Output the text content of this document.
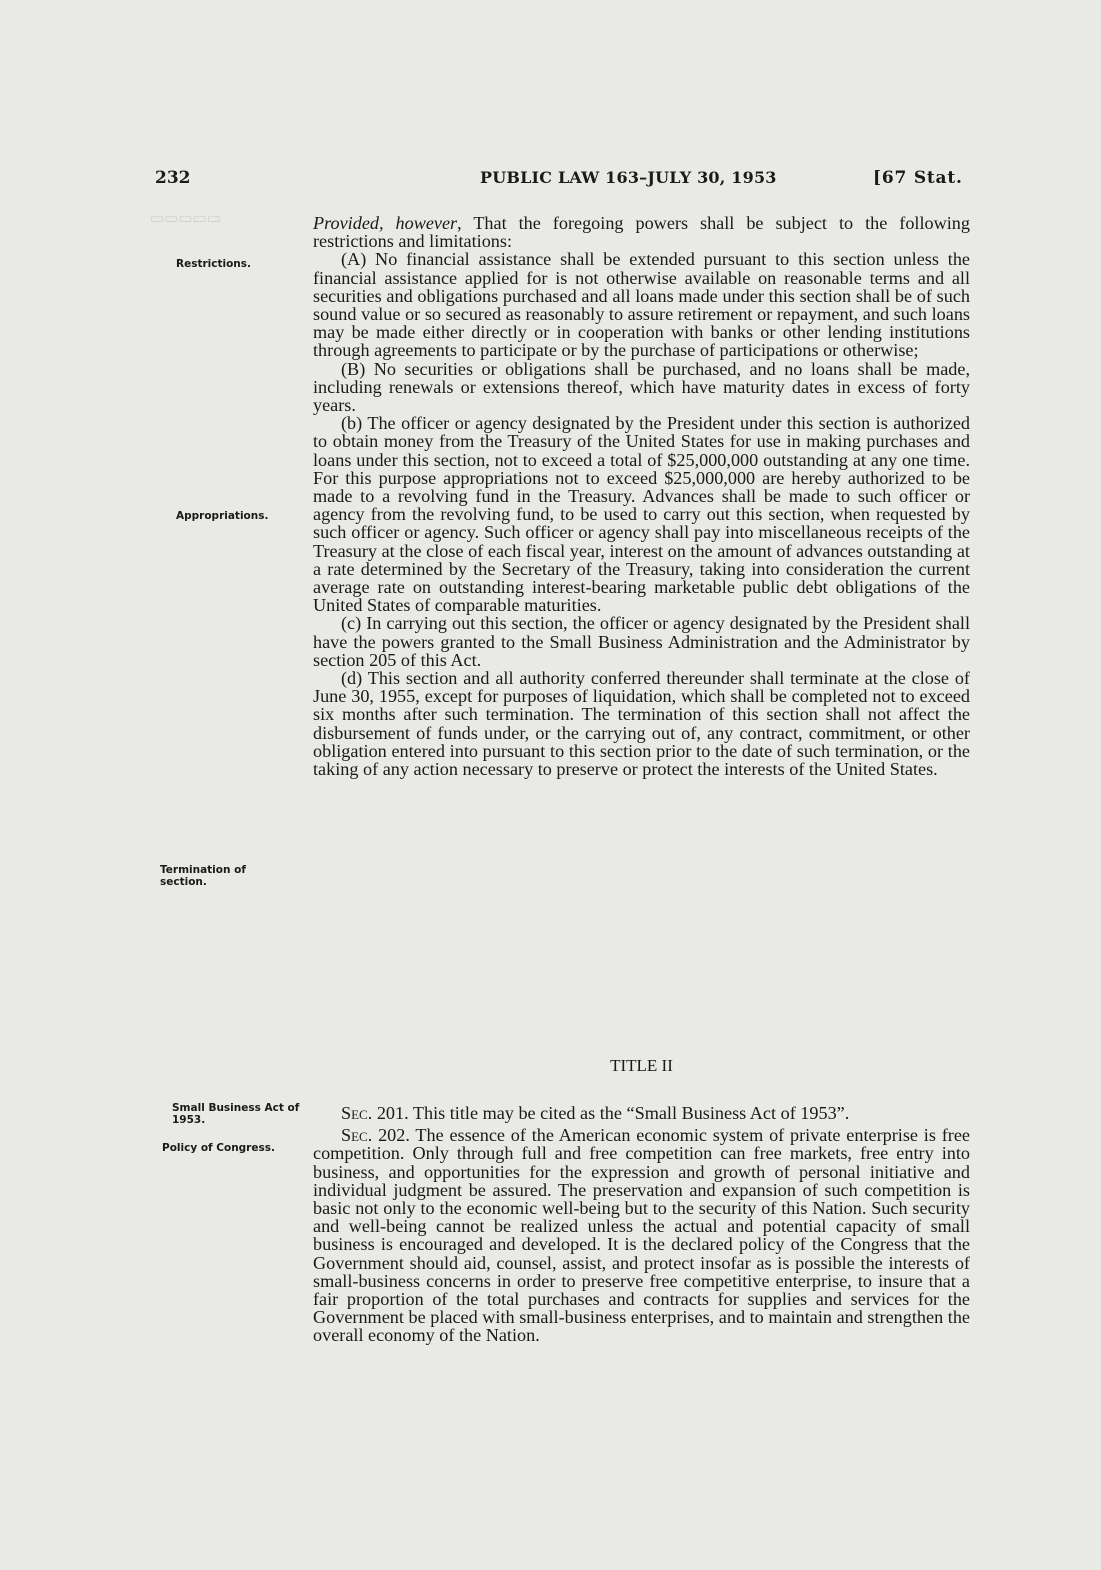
▭▭▭▭▭
232	PUBLIC LAW 163–JULY 30, 1953	[67 Stat.
Restrictions.
Appropriations.
Termination of section.
Small Business Act of 1953.
Policy of Congress.

Provided, however, That the foregoing powers shall be subject to the following restrictions and limitations:

(A) No financial assistance shall be extended pursuant to this section unless the financial assistance applied for is not otherwise available on reasonable terms and all securities and obligations purchased and all loans made under this section shall be of such sound value or so secured as reasonably to assure retirement or repayment, and such loans may be made either directly or in cooperation with banks or other lending institutions through agreements to participate or by the purchase of participations or otherwise;

(B) No securities or obligations shall be purchased, and no loans shall be made, including renewals or extensions thereof, which have maturity dates in excess of forty years.

(b) The officer or agency designated by the President under this section is authorized to obtain money from the Treasury of the United States for use in making purchases and loans under this section, not to exceed a total of $25,000,000 outstanding at any one time. For this purpose appropriations not to exceed $25,000,000 are hereby authorized to be made to a revolving fund in the Treasury. Advances shall be made to such officer or agency from the revolving fund, to be used to carry out this section, when requested by such officer or agency. Such officer or agency shall pay into miscellaneous receipts of the Treasury at the close of each fiscal year, interest on the amount of advances outstanding at a rate determined by the Secretary of the Treasury, taking into consideration the current average rate on outstanding interest-bearing marketable public debt obligations of the United States of comparable maturities.

(c) In carrying out this section, the officer or agency designated by the President shall have the powers granted to the Small Business Administration and the Administrator by section 205 of this Act.

(d) This section and all authority conferred thereunder shall terminate at the close of June 30, 1955, except for purposes of liquidation, which shall be completed not to exceed six months after such termination. The termination of this section shall not affect the disbursement of funds under, or the carrying out of, any contract, commitment, or other obligation entered into pursuant to this section prior to the date of such termination, or the taking of any action necessary to preserve or protect the interests of the United States.

TITLE II

Sec. 201. This title may be cited as the “Small Business Act of 1953”.

Sec. 202. The essence of the American economic system of private enterprise is free competition. Only through full and free competition can free markets, free entry into business, and opportunities for the expression and growth of personal initiative and individual judgment be assured. The preservation and expansion of such competition is basic not only to the economic well-being but to the security of this Nation. Such security and well-being cannot be realized unless the actual and potential capacity of small business is encouraged and developed. It is the declared policy of the Congress that the Government should aid, counsel, assist, and protect insofar as is possible the interests of small-business concerns in order to preserve free competitive enterprise, to insure that a fair proportion of the total purchases and contracts for supplies and services for the Government be placed with small-business enterprises, and to maintain and strengthen the overall economy of the Nation.
